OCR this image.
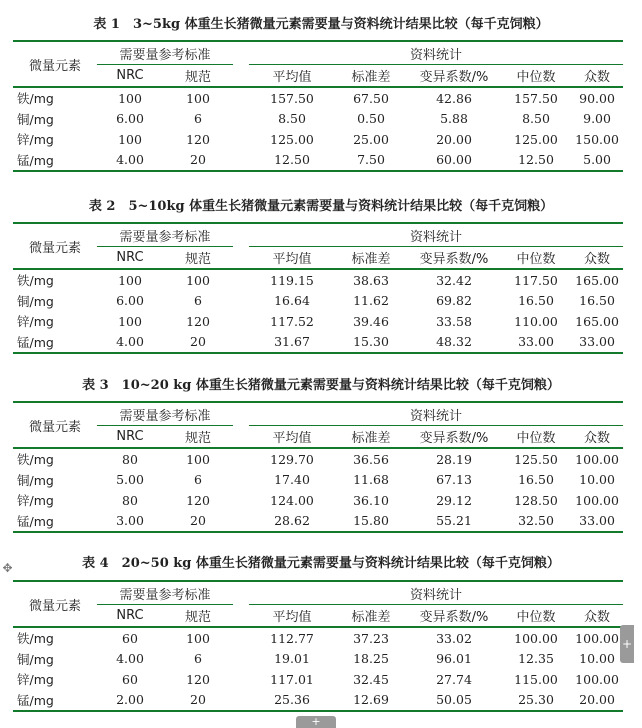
表 1　3~5kg 体重生长猪微量元素需要量与资料统计结果比较（每千克饲粮）
微量元素	需要量参考标准			资料统计				
	NRC	规范		平均值	标准差	变异系数/%	中位数	众数
铁/mg	100	100		157.50	67.50	42.86	157.50	90.00
铜/mg	6.00	6		8.50	0.50	5.88	8.50	9.00
锌/mg	100	120		125.00	25.00	20.00	125.00	150.00
锰/mg	4.00	20		12.50	7.50	60.00	12.50	5.00
表 2　5~10kg 体重生长猪微量元素需要量与资料统计结果比较（每千克饲粮）
微量元素	需要量参考标准			资料统计				
	NRC	规范		平均值	标准差	变异系数/%	中位数	众数
铁/mg	100	100		119.15	38.63	32.42	117.50	165.00
铜/mg	6.00	6		16.64	11.62	69.82	16.50	16.50
锌/mg	100	120		117.52	39.46	33.58	110.00	165.00
锰/mg	4.00	20		31.67	15.30	48.32	33.00	33.00
表 3　10~20 kg 体重生长猪微量元素需要量与资料统计结果比较（每千克饲粮）
微量元素	需要量参考标准			资料统计				
	NRC	规范		平均值	标准差	变异系数/%	中位数	众数
铁/mg	80	100		129.70	36.56	28.19	125.50	100.00
铜/mg	5.00	6		17.40	11.68	67.13	16.50	10.00
锌/mg	80	120		124.00	36.10	29.12	128.50	100.00
锰/mg	3.00	20		28.62	15.80	55.21	32.50	33.00
表 4　20~50 kg 体重生长猪微量元素需要量与资料统计结果比较（每千克饲粮）
微量元素	需要量参考标准			资料统计				
	NRC	规范		平均值	标准差	变异系数/%	中位数	众数
铁/mg	60	100		112.77	37.23	33.02	100.00	100.00
铜/mg	4.00	6		19.01	18.25	96.01	12.35	10.00
锌/mg	60	120		117.01	32.45	27.74	115.00	100.00
锰/mg	2.00	20		25.36	12.69	50.05	25.30	20.00
✥
+
+
